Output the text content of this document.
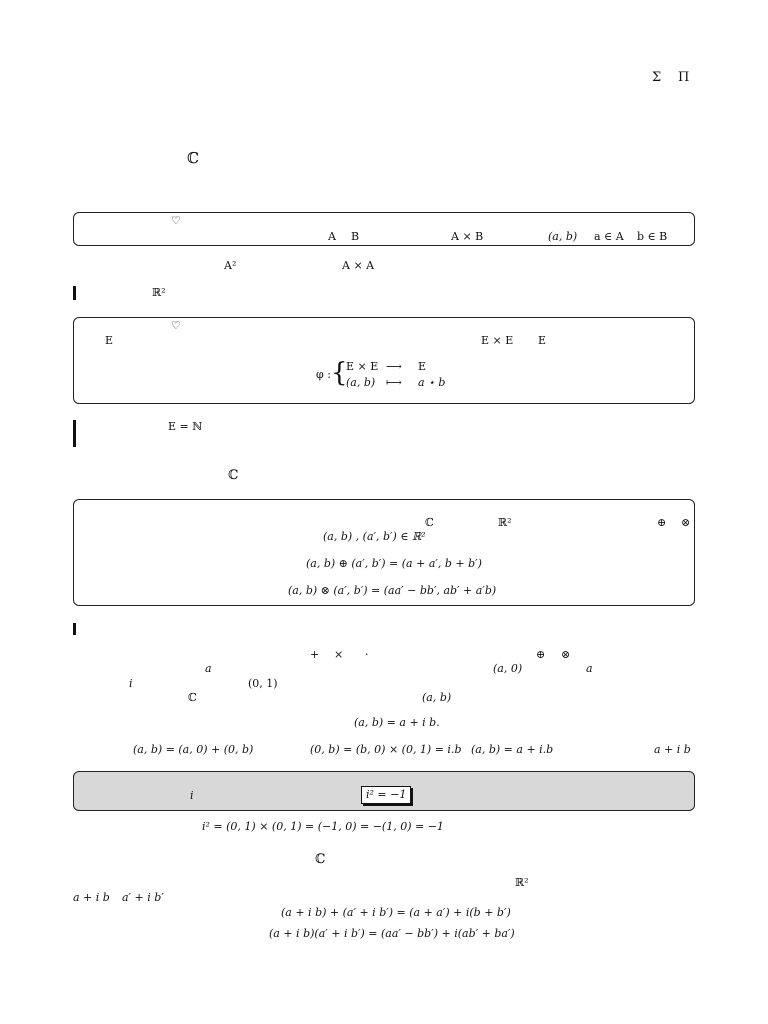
Σ Π
ℂ
♡
A B	A × B	(a, b) a ∈ A b ∈ B
A²	A × A
ℝ²
♡
E	E × E E
φ : {
E × E ⟶ E
(a, b) ⟼ a ⋆ b
E = ℕ
ℂ
ℂ	ℝ²	⊕ ⊗
(a, b) , (a′, b′) ∈ ℝ²
(a, b) ⊕ (a′, b′) = (a + a′, b + b′)
(a, b) ⊗ (a′, b′) = (aa′ − bb′, ab′ + a′b)
+ × ·	⊕ ⊗
a	(a, 0)	a
i	(0, 1)
ℂ	(a, b)
(a, b) = a + i b.
(a, b) = (a, 0) + (0, b)	(0, b) = (b, 0) × (0, 1) = i.b (a, b) = a + i.b	a + i b
i	i² = −1
i² = (0, 1) × (0, 1) = (−1, 0) = −(1, 0) = −1
ℂ
ℝ²
a + i b a′ + i b′
(a + i b) + (a′ + i b′) = (a + a′) + i(b + b′)
(a + i b)(a′ + i b′) = (aa′ − bb′) + i(ab′ + ba′)
